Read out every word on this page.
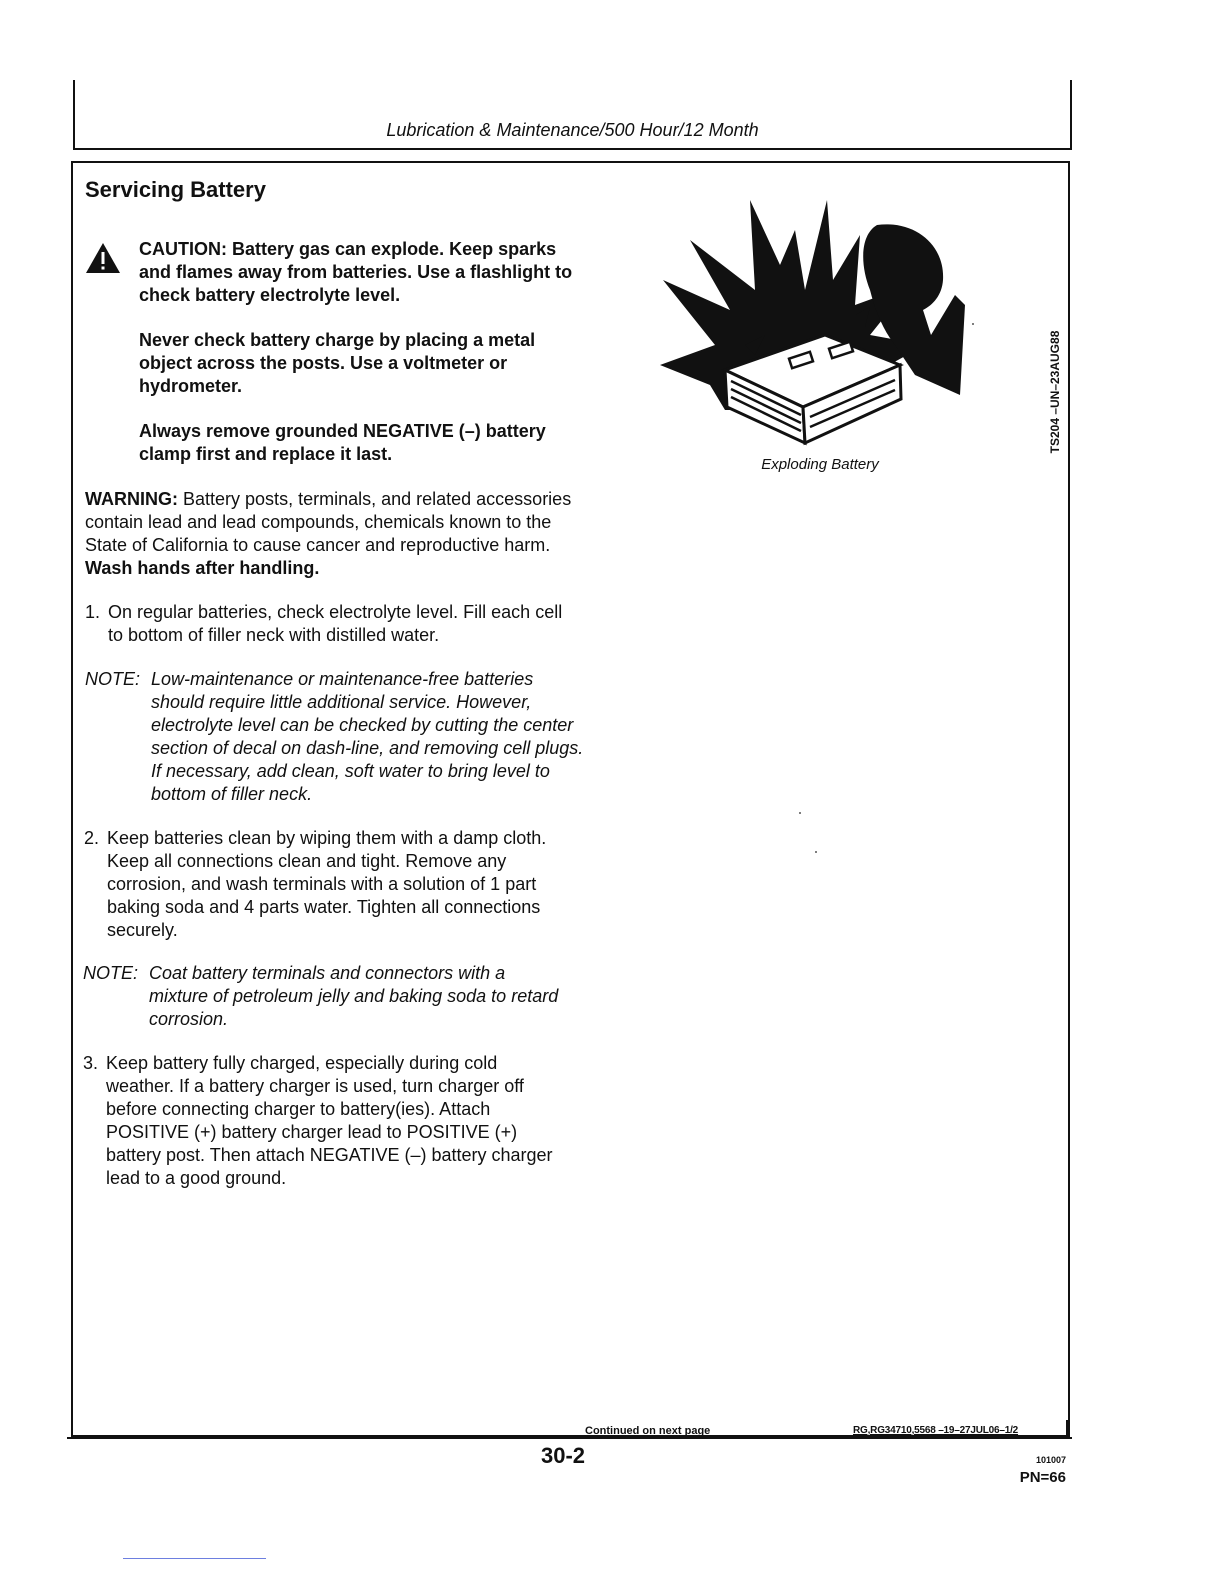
Lubrication & Maintenance/500 Hour/12 Month
Servicing Battery

CAUTION: Battery gas can explode. Keep sparks and flames away from batteries. Use a flashlight to check battery electrolyte level.

Never check battery charge by placing a metal object across the posts. Use a voltmeter or hydrometer.

Always remove grounded NEGATIVE (–) battery clamp first and replace it last.

WARNING: Battery posts, terminals, and related accessories contain lead and lead compounds, chemicals known to the State of California to cause cancer and reproductive harm. Wash hands after handling.
1. On regular batteries, check electrolyte level. Fill each cell to bottom of filler neck with distilled water.
NOTE: Low-maintenance or maintenance-free batteries should require little additional service. However, electrolyte level can be checked by cutting the center section of decal on dash-line, and removing cell plugs. If necessary, add clean, soft water to bring level to bottom of filler neck.
2. Keep batteries clean by wiping them with a damp cloth. Keep all connections clean and tight. Remove any corrosion, and wash terminals with a solution of 1 part baking soda and 4 parts water. Tighten all connections securely.
NOTE: Coat battery terminals and connectors with a mixture of petroleum jelly and baking soda to retard corrosion.
3. Keep battery fully charged, especially during cold weather. If a battery charger is used, turn charger off before connecting charger to battery(ies). Attach POSITIVE (+) battery charger lead to POSITIVE (+) battery post. Then attach NEGATIVE (–) battery charger lead to a good ground.
Exploding Battery
TS204 –UN–23AUG88
Continued on next page	RG,RG34710,5568 –19–27JUL06–1/2
30-2	101007
PN=66
